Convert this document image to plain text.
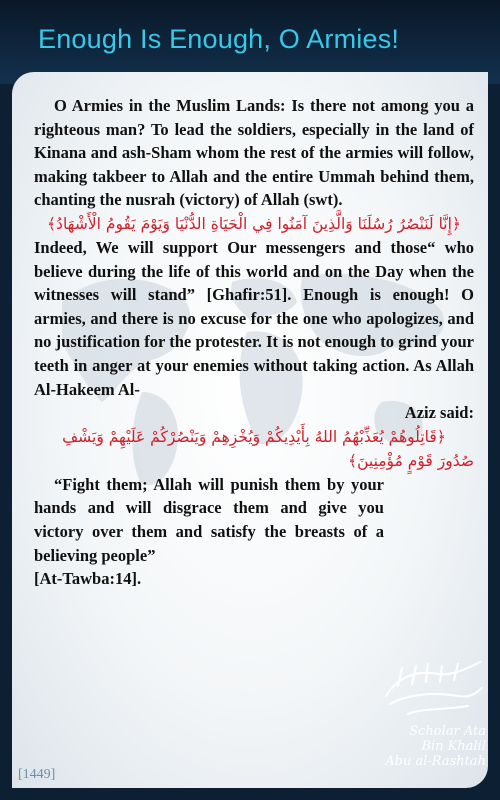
Enough Is Enough, O Armies!

O Armies in the Muslim Lands: Is there not among you a righteous man? To lead the soldiers, especially in the land of Kinana and ash-Sham whom the rest of the armies will follow, making takbeer to Allah and the entire Ummah behind them, chanting the nusrah (victory) of Allah (swt).

﴿إِنَّا لَنَنْصُرُ رُسُلَنَا وَالَّذِينَ آمَنُوا فِي الْحَيَاةِ الدُّنْيَا وَيَوْمَ يَقُومُ الْأَشْهَادُ﴾

Indeed, We will support Our messengers and those“ who believe during the life of this world and on the Day when the witnesses will stand” [Ghafir:51]. Enough is enough! O armies, and there is no excuse for the one who apologizes, and no justification for the protester. It is not enough to grind your teeth in anger at your enemies without taking action. As Allah Al-Hakeem Al-

:Aziz said

﴿قَاتِلُوهُمْ يُعَذِّبْهُمُ اللهُ بِأَيْدِيكُمْ وَيُخْزِهِمْ وَيَنْصُرْكُمْ عَلَيْهِمْ وَيَشْفِ

صُدُورَ قَوْمٍ مُؤْمِنِينَ﴾

“Fight them; Allah will punish them by your hands and will disgrace them and give you victory over them and satisfy the breasts of a believing people”

[At-Tawba:14].

Scholar Ata
Bin Khalil
Abu al-Rashtah
[1449]
